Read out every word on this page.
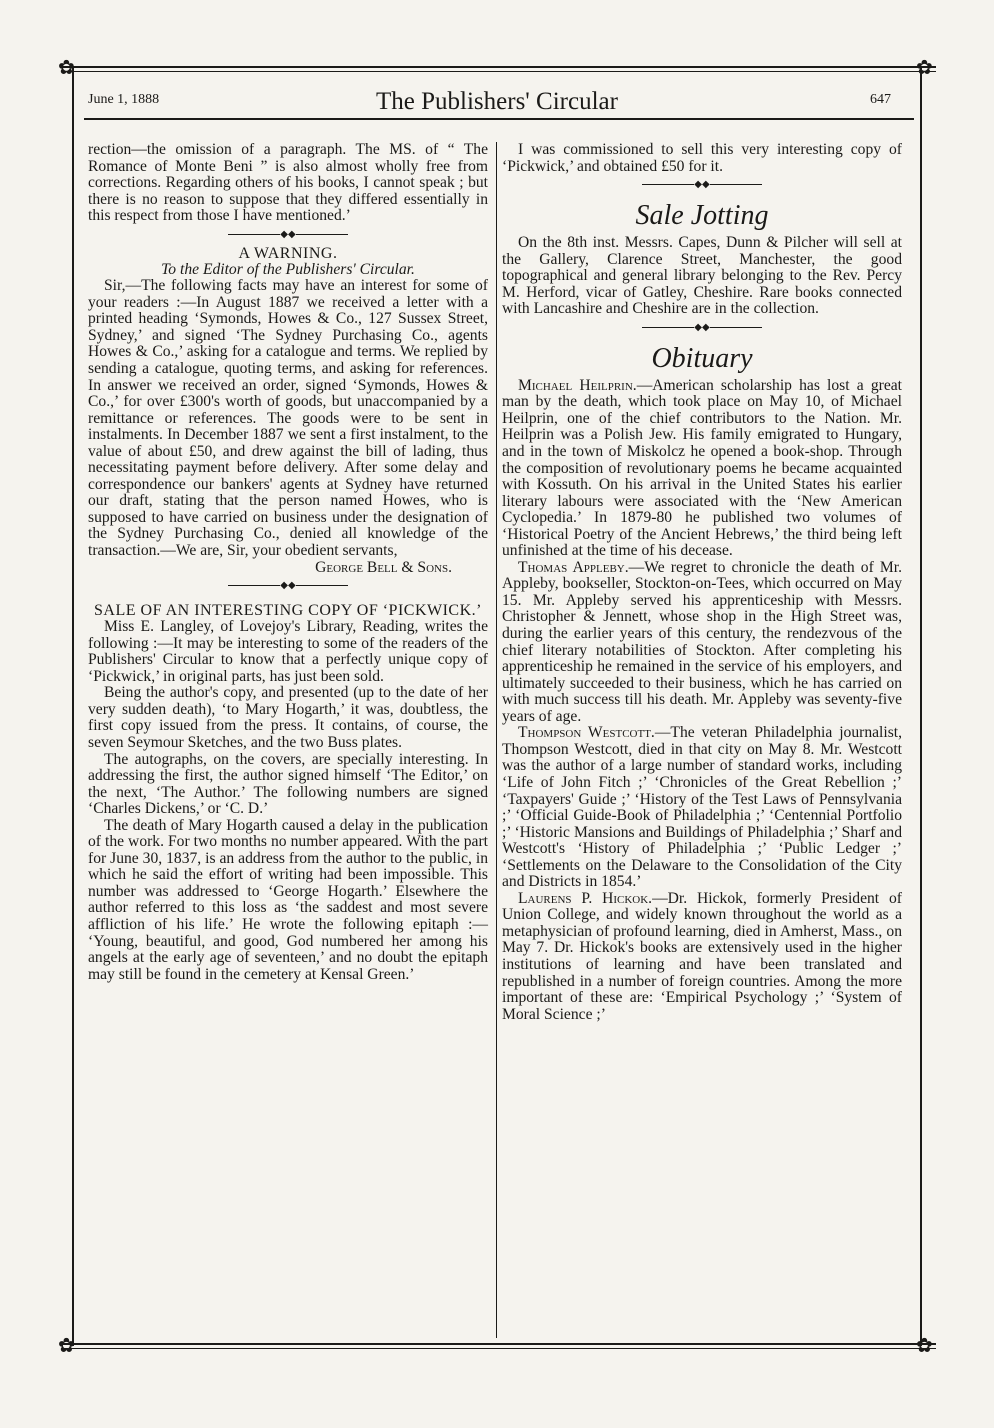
✿	✿
✿	✿
June 1, 1888	The Publishers' Circular	647

rection—the omission of a paragraph. The MS. of “ The Romance of Monte Beni ” is also almost wholly free from corrections. Regarding others of his books, I cannot speak ; but there is no reason to suppose that they differed essentially in this respect from those I have mentioned.’

◆◆
A WARNING.

To the Editor of the Publishers' Circular.

Sir,—The following facts may have an interest for some of your readers :—In August 1887 we received a letter with a printed heading ‘Symonds, Howes & Co., 127 Sussex Street, Sydney,’ and signed ‘The Sydney Purchasing Co., agents Howes & Co.,’ asking for a catalogue and terms. We replied by sending a catalogue, quoting terms, and asking for references. In answer we received an order, signed ‘Symonds, Howes & Co.,’ for over £300's worth of goods, but unaccompanied by a remittance or references. The goods were to be sent in instalments. In December 1887 we sent a first instalment, to the value of about £50, and drew against the bill of lading, thus necessitating payment before delivery. After some delay and correspondence our bankers' agents at Sydney have returned our draft, stating that the person named Howes, who is supposed to have carried on business under the designation of the Sydney Purchasing Co., denied all knowledge of the transaction.—We are, Sir, your obedient servants,

George Bell & Sons.

◆◆
SALE OF AN INTERESTING COPY OF ‘PICKWICK.’

Miss E. Langley, of Lovejoy's Library, Reading, writes the following :—It may be interesting to some of the readers of the Publishers' Circular to know that a perfectly unique copy of ‘Pickwick,’ in original parts, has just been sold.

Being the author's copy, and presented (up to the date of her very sudden death), ‘to Mary Hogarth,’ it was, doubtless, the first copy issued from the press. It contains, of course, the seven Seymour Sketches, and the two Buss plates.

The autographs, on the covers, are specially interesting. In addressing the first, the author signed himself ‘The Editor,’ on the next, ‘The Author.’ The following numbers are signed ‘Charles Dickens,’ or ‘C. D.’

The death of Mary Hogarth caused a delay in the publication of the work. For two months no number appeared. With the part for June 30, 1837, is an address from the author to the public, in which he said the effort of writing had been impossible. This number was addressed to ‘George Hogarth.’ Elsewhere the author referred to this loss as ‘the saddest and most severe affliction of his life.’ He wrote the following epitaph :— ‘Young, beautiful, and good, God numbered her among his angels at the early age of seventeen,’ and no doubt the epitaph may still be found in the cemetery at Kensal Green.’

I was commissioned to sell this very interesting copy of ‘Pickwick,’ and obtained £50 for it.

◆◆
Sale Jotting

On the 8th inst. Messrs. Capes, Dunn & Pilcher will sell at the Gallery, Clarence Street, Manchester, the good topographical and general library belonging to the Rev. Percy M. Herford, vicar of Gatley, Cheshire. Rare books connected with Lancashire and Cheshire are in the collection.

◆◆
Obituary

Michael Heilprin.—American scholarship has lost a great man by the death, which took place on May 10, of Michael Heilprin, one of the chief contributors to the Nation. Mr. Heilprin was a Polish Jew. His family emigrated to Hungary, and in the town of Miskolcz he opened a book-shop. Through the composition of revolutionary poems he became acquainted with Kossuth. On his arrival in the United States his earlier literary labours were associated with the ‘New American Cyclopedia.’ In 1879-80 he published two volumes of ‘Historical Poetry of the Ancient Hebrews,’ the third being left unfinished at the time of his decease.

Thomas Appleby.—We regret to chronicle the death of Mr. Appleby, bookseller, Stockton-on-Tees, which occurred on May 15. Mr. Appleby served his apprenticeship with Messrs. Christopher & Jennett, whose shop in the High Street was, during the earlier years of this century, the rendezvous of the chief literary notabilities of Stockton. After completing his apprenticeship he remained in the service of his employers, and ultimately succeeded to their business, which he has carried on with much success till his death. Mr. Appleby was seventy-five years of age.

Thompson Westcott.—The veteran Philadelphia journalist, Thompson Westcott, died in that city on May 8. Mr. Westcott was the author of a large number of standard works, including ‘Life of John Fitch ;’ ‘Chronicles of the Great Rebellion ;’ ‘Taxpayers' Guide ;’ ‘History of the Test Laws of Pennsylvania ;’ ‘Official Guide-Book of Philadelphia ;’ ‘Centennial Portfolio ;’ ‘Historic Mansions and Buildings of Philadelphia ;’ Sharf and Westcott's ‘History of Philadelphia ;’ ‘Public Ledger ;’ ‘Settlements on the Delaware to the Consolidation of the City and Districts in 1854.’

Laurens P. Hickok.—Dr. Hickok, formerly President of Union College, and widely known throughout the world as a metaphysician of profound learning, died in Amherst, Mass., on May 7. Dr. Hickok's books are extensively used in the higher institutions of learning and have been translated and republished in a number of foreign countries. Among the more important of these are: ‘Empirical Psychology ;’ ‘System of Moral Science ;’
